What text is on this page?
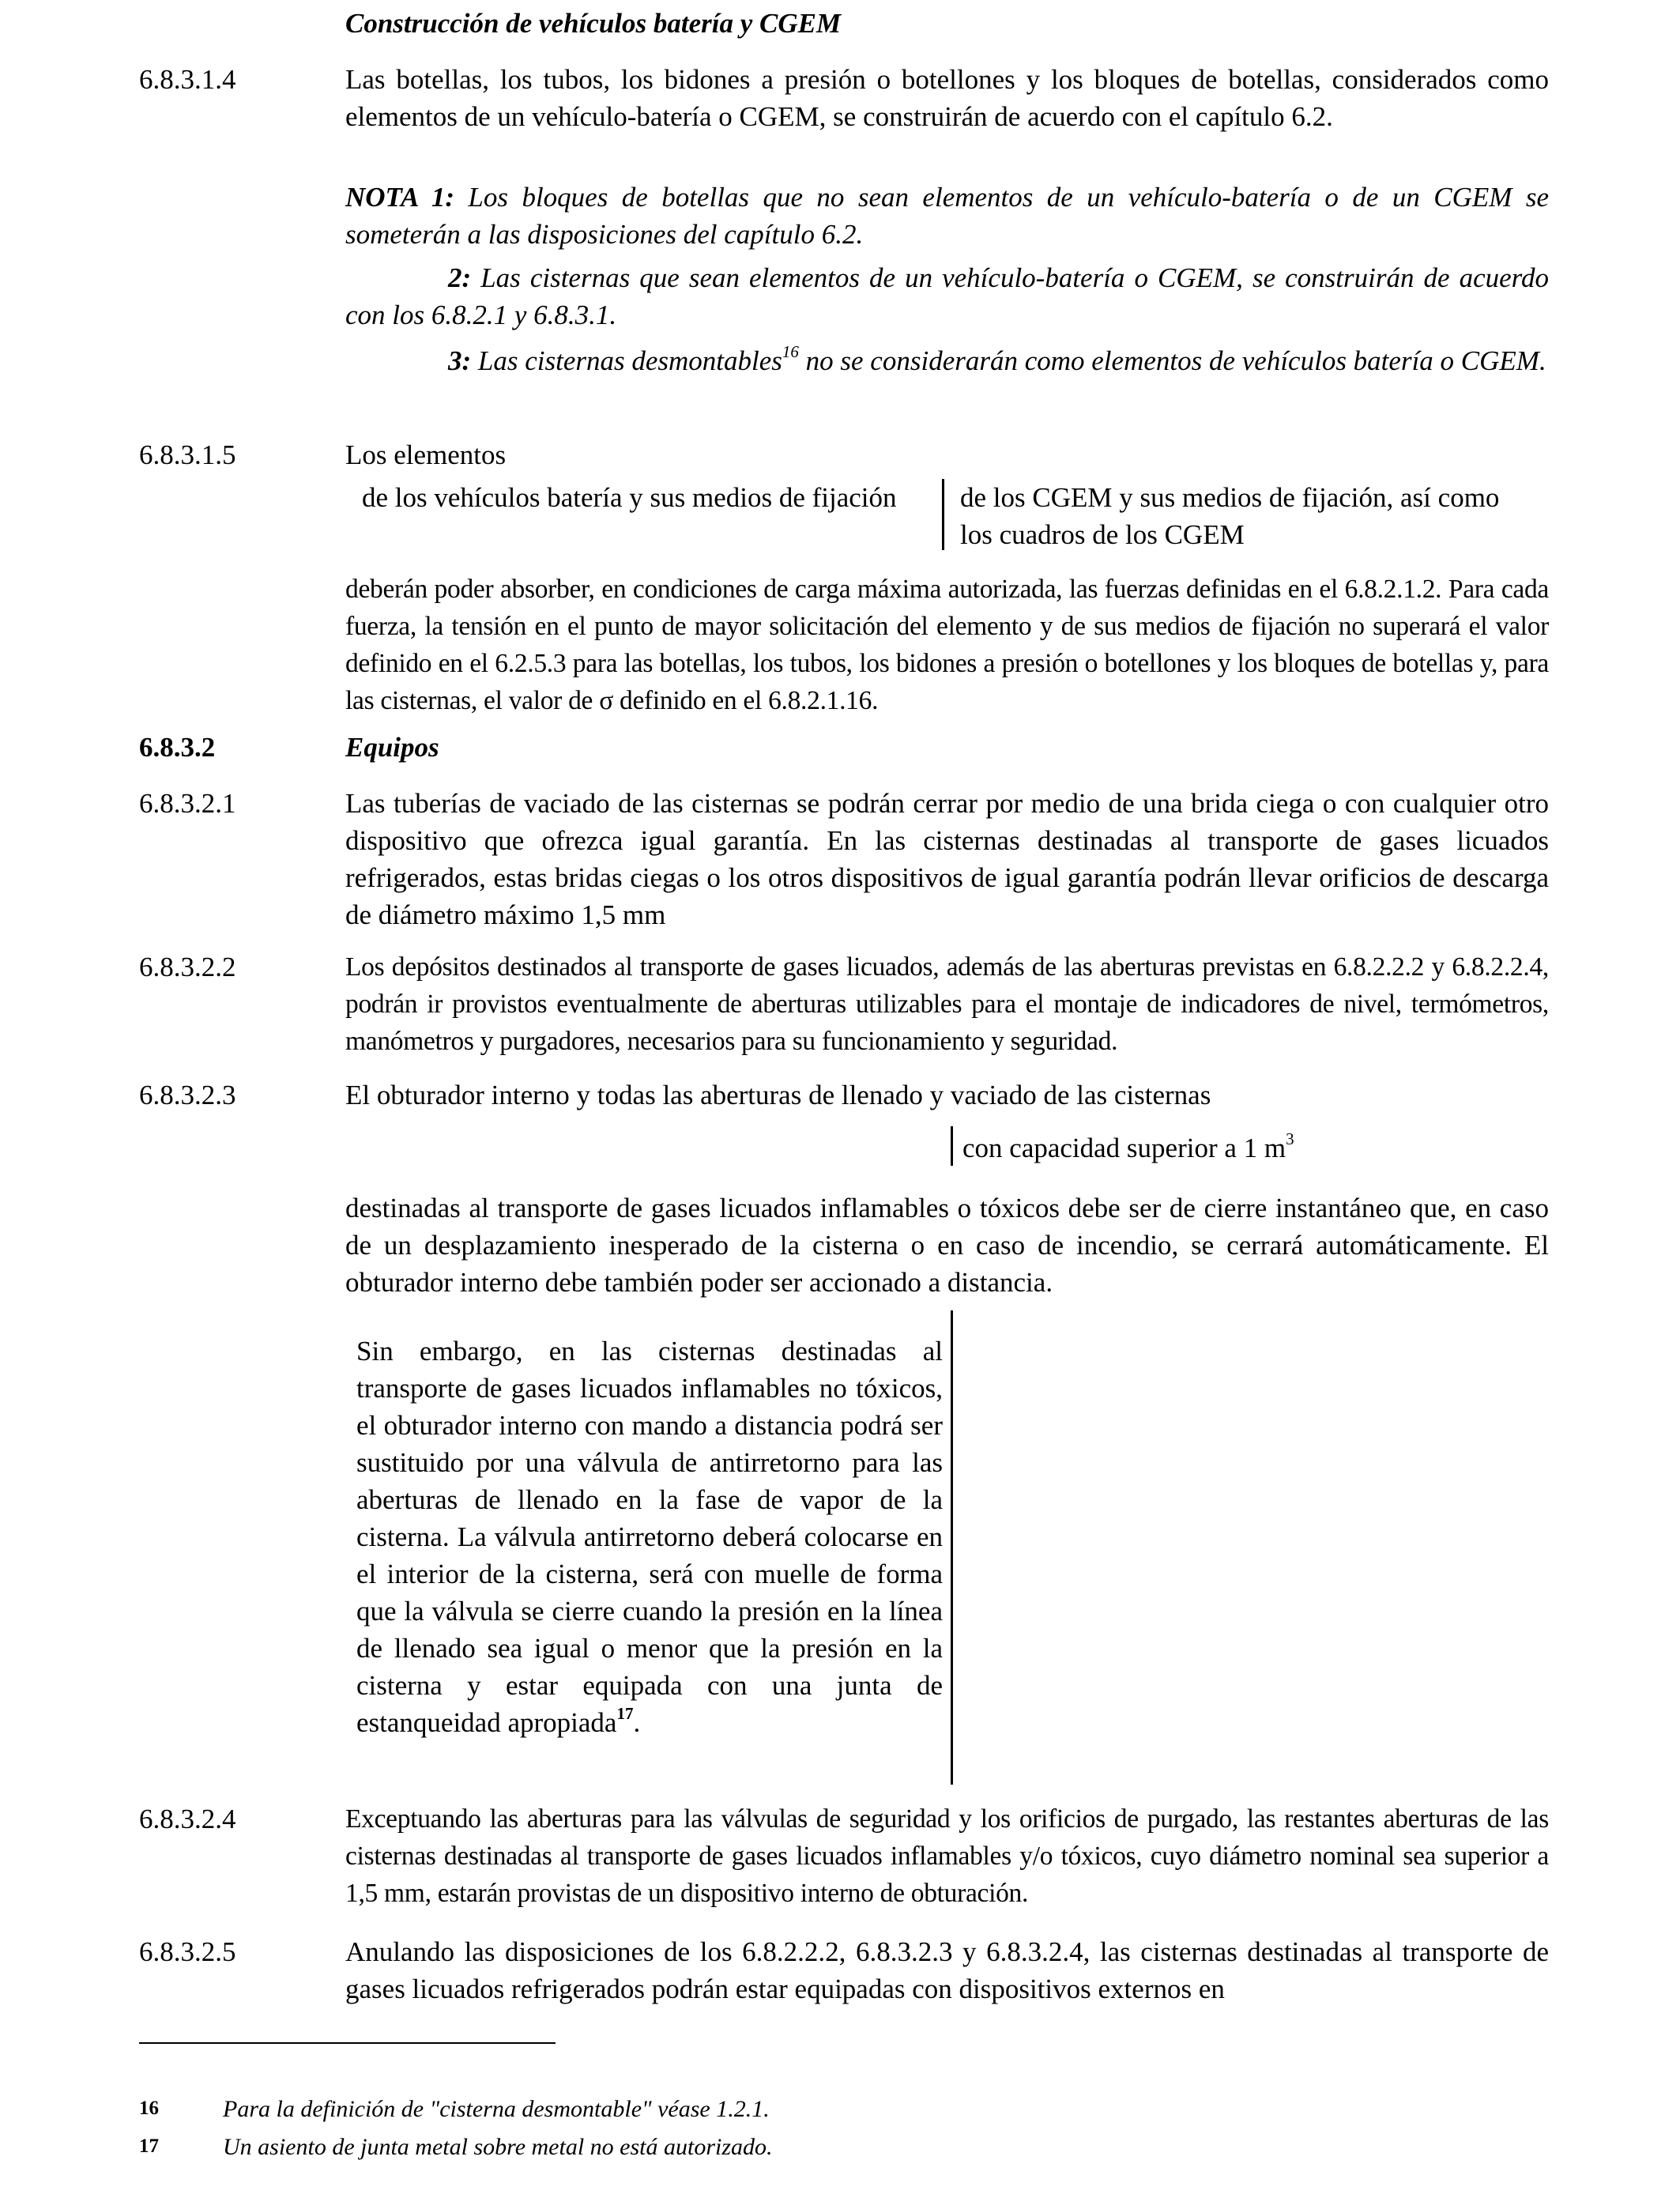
Construcción de vehículos batería y CGEM

6.8.3.1.4	Las botellas, los tubos, los bidones a presión o botellones y los bloques de botellas, considerados como elementos de un vehículo-batería o CGEM, se construirán de acuerdo con el capítulo 6.2.

NOTA 1: Los bloques de botellas que no sean elementos de un vehículo-batería o de un CGEM se someterán a las disposiciones del capítulo 6.2.

2: Las cisternas que sean elementos de un vehículo-batería o CGEM, se construirán de acuerdo con los 6.8.2.1 y 6.8.3.1.

3: Las cisternas desmontables$^{16}$ no se considerarán como elementos de vehículos batería o CGEM.

6.8.3.1.5	Los elementos

de los vehículos batería y sus medios de fijación	de los CGEM y sus medios de fijación, así como los cuadros de los CGEM

deberán poder absorber, en condiciones de carga máxima autorizada, las fuerzas definidas en el 6.8.2.1.2. Para cada fuerza, la tensión en el punto de mayor solicitación del elemento y de sus medios de fijación no superará el valor definido en el 6.2.5.3 para las botellas, los tubos, los bidones a presión o botellones y los bloques de botellas y, para las cisternas, el valor de σ definido en el 6.8.2.1.16.

6.8.3.2	Equipos

6.8.3.2.1	Las tuberías de vaciado de las cisternas se podrán cerrar por medio de una brida ciega o con cualquier otro dispositivo que ofrezca igual garantía. En las cisternas destinadas al transporte de gases licuados refrigerados, estas bridas ciegas o los otros dispositivos de igual garantía podrán llevar orificios de descarga de diámetro máximo 1,5 mm

6.8.3.2.2	Los depósitos destinados al transporte de gases licuados, además de las aberturas previstas en 6.8.2.2.2 y 6.8.2.2.4, podrán ir provistos eventualmente de aberturas utilizables para el montaje de indicadores de nivel, termómetros, manómetros y purgadores, necesarios para su funcionamiento y seguridad.

6.8.3.2.3	El obturador interno y todas las aberturas de llenado y vaciado de las cisternas

con capacidad superior a 1 $m^3$

destinadas al transporte de gases licuados inflamables o tóxicos debe ser de cierre instantáneo que, en caso de un desplazamiento inesperado de la cisterna o en caso de incendio, se cerrará automáticamente. El obturador interno debe también poder ser accionado a distancia.

Sin embargo, en las cisternas destinadas al transporte de gases licuados inflamables no tóxicos, el obturador interno con mando a distancia podrá ser sustituido por una válvula de antirretorno para las aberturas de llenado en la fase de vapor de la cisterna. La válvula antirretorno deberá colocarse en el interior de la cisterna, será con muelle de forma que la válvula se cierre cuando la presión en la línea de llenado sea igual o menor que la presión en la cisterna y estar equipada con una junta de estanqueidad apropiada$^{17}$.

6.8.3.2.4	Exceptuando las aberturas para las válvulas de seguridad y los orificios de purgado, las restantes aberturas de las cisternas destinadas al transporte de gases licuados inflamables y/o tóxicos, cuyo diámetro nominal sea superior a 1,5 mm, estarán provistas de un dispositivo interno de obturación.

6.8.3.2.5	Anulando las disposiciones de los 6.8.2.2.2, 6.8.3.2.3 y 6.8.3.2.4, las cisternas destinadas al transporte de gases licuados refrigerados podrán estar equipadas con dispositivos externos en

16	Para la definición de "cisterna desmontable" véase 1.2.1.
17	Un asiento de junta metal sobre metal no está autorizado.
